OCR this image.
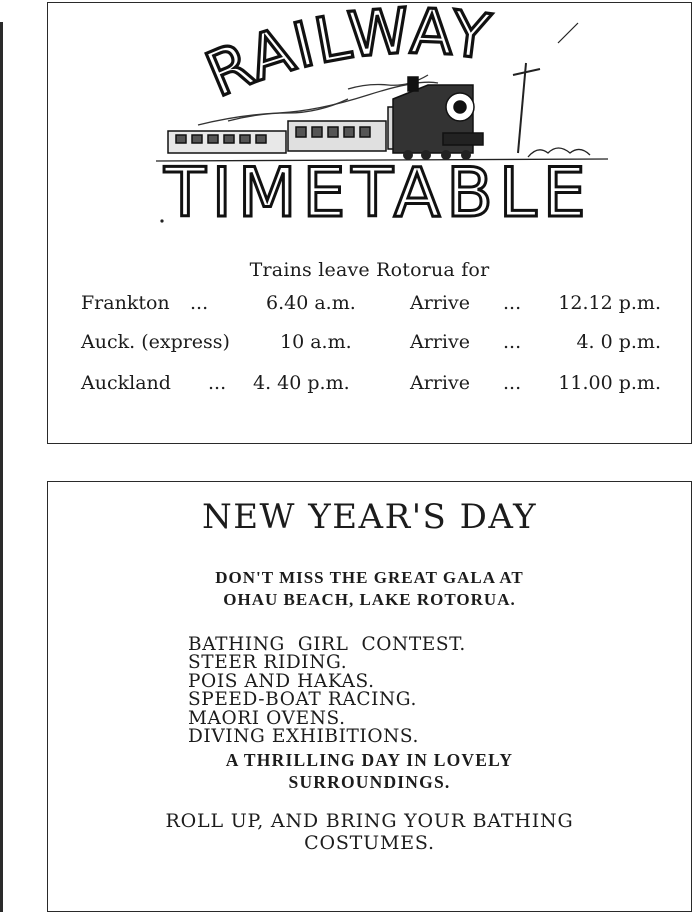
RAILWAY
TIMETABLE
Trains leave Rotorua for
Frankton ...	6.40 a.m.	Arrive ... 12.12 p.m.
Auck. (express)	10 a.m.	Arrive ...	4. 0 p.m.
Auckland ... 4. 40 p.m.	Arrive ... 11.00 p.m.
NEW YEAR'S DAY
DON'T MISS THE GREAT GALA AT
OHAU BEACH, LAKE ROTORUA.
BATHING  GIRL  CONTEST.
STEER RIDING.
POIS AND HAKAS.
SPEED-BOAT RACING.
MAORI OVENS.
DIVING EXHIBITIONS.
A THRILLING DAY IN LOVELY
SURROUNDINGS.
ROLL UP, AND BRING YOUR BATHING
COSTUMES.
